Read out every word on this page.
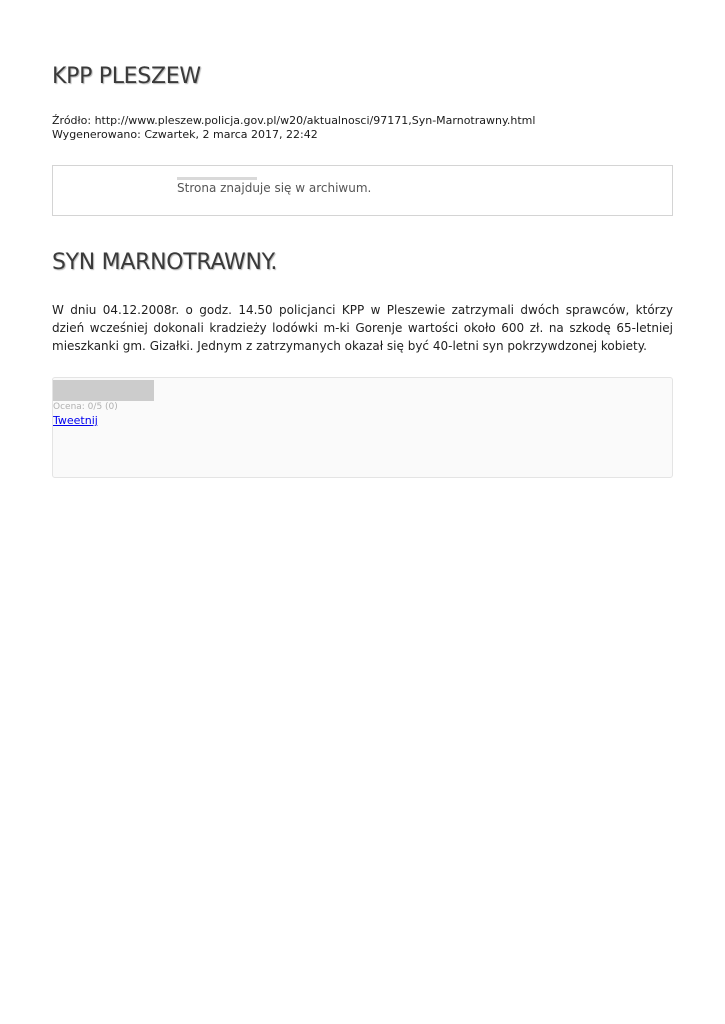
KPP PLESZEW
Źródło: http://www.pleszew.policja.gov.pl/w20/aktualnosci/97171,Syn-Marnotrawny.html
Wygenerowano: Czwartek, 2 marca 2017, 22:42
Strona znajduje się w archiwum.
SYN MARNOTRAWNY.

W dniu 04.12.2008r. o godz. 14.50 policjanci KPP w Pleszewie zatrzymali dwóch sprawców, którzy dzień wcześniej dokonali kradzieży lodówki m-ki Gorenje wartości około 600 zł. na szkodę 65-letniej mieszkanki gm. Gizałki. Jednym z zatrzymanych okazał się być 40-letni syn pokrzywdzonej kobiety.

Ocena: 0/5 (0)
Tweetnij
